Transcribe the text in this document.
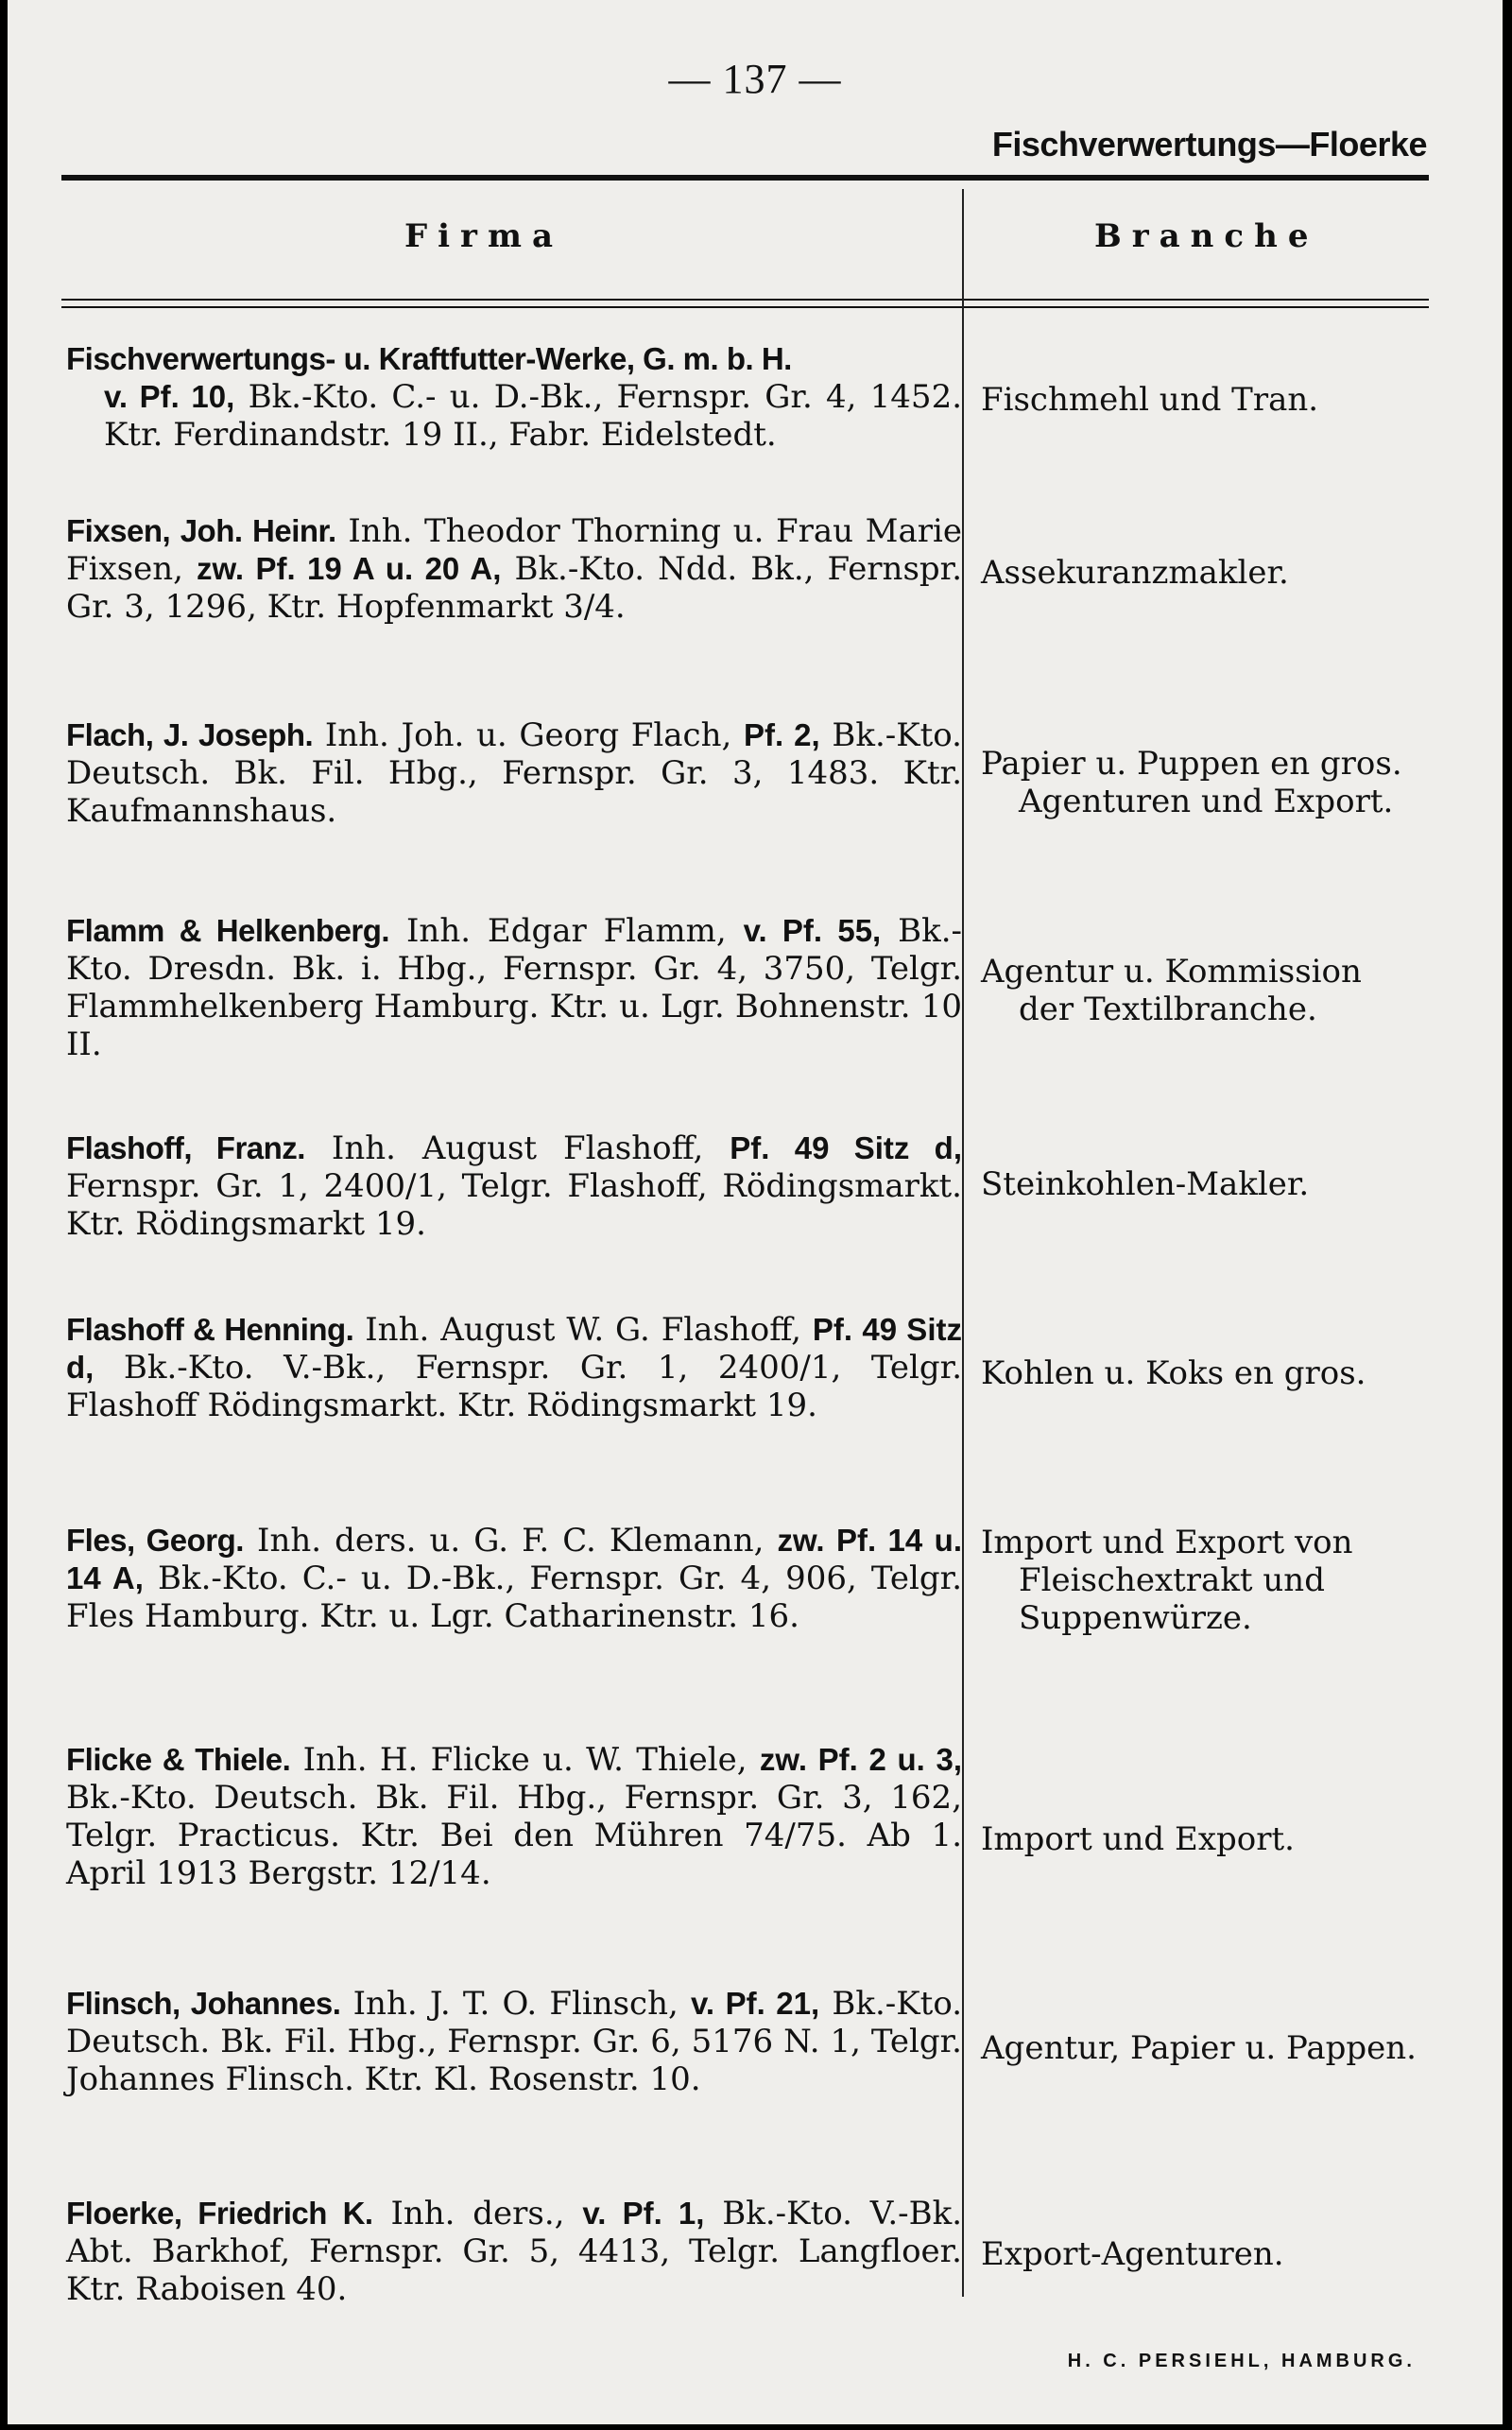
— 137 —
Fischverwertungs—Floerke
Firma	Branche
Fischverwertungs- u. Kraftfutter-Werke, G. m. b. H.
v. Pf. 10, Bk.-Kto. C.- u. D.-Bk., Fernspr. Gr. 4, 1452. Ktr. Ferdinandstr. 19 II., Fabr. Eidelstedt.
Fischmehl und Tran.
Fixsen, Joh. Heinr. Inh. Theodor Thorning u. Frau Marie Fixsen, zw. Pf. 19 A u. 20 A, Bk.-Kto. Ndd. Bk., Fernspr. Gr. 3, 1296, Ktr. Hopfenmarkt 3/4.
Assekuranzmakler.
Flach, J. Joseph. Inh. Joh. u. Georg Flach, Pf. 2, Bk.-Kto. Deutsch. Bk. Fil. Hbg., Fernspr. Gr. 3, 1483. Ktr. Kaufmannshaus.
Papier u. Puppen en gros.
Agenturen und Export.
Flamm & Helkenberg. Inh. Edgar Flamm, v. Pf. 55, Bk.-Kto. Dresdn. Bk. i. Hbg., Fernspr. Gr. 4, 3750, Telgr. Flammhelkenberg Hamburg. Ktr. u. Lgr. Bohnenstr. 10 II.
Agentur u. Kommission
der Textilbranche.
Flashoff, Franz. Inh. August Flashoff, Pf. 49 Sitz d, Fernspr. Gr. 1, 2400/1, Telgr. Flashoff, Rödingsmarkt. Ktr. Rödingsmarkt 19.
Steinkohlen-Makler.
Flashoff & Henning. Inh. August W. G. Flashoff, Pf. 49 Sitz d, Bk.-Kto. V.-Bk., Fernspr. Gr. 1, 2400/1, Telgr. Flashoff Rödingsmarkt. Ktr. Rödingsmarkt 19.
Kohlen u. Koks en gros.
Fles, Georg. Inh. ders. u. G. F. C. Klemann, zw. Pf. 14 u. 14 A, Bk.-Kto. C.- u. D.-Bk., Fernspr. Gr. 4, 906, Telgr. Fles Hamburg. Ktr. u. Lgr. Catharinenstr. 16.
Import und Export von
Fleischextrakt und
Suppenwürze.
Flicke & Thiele. Inh. H. Flicke u. W. Thiele, zw. Pf. 2 u. 3, Bk.-Kto. Deutsch. Bk. Fil. Hbg., Fernspr. Gr. 3, 162, Telgr. Practicus. Ktr. Bei den Mühren 74/75. Ab 1. April 1913 Bergstr. 12/14.
Import und Export.
Flinsch, Johannes. Inh. J. T. O. Flinsch, v. Pf. 21, Bk.-Kto. Deutsch. Bk. Fil. Hbg., Fernspr. Gr. 6, 5176 N. 1, Telgr. Johannes Flinsch. Ktr. Kl. Rosenstr. 10.
Agentur, Papier u. Pappen.
Floerke, Friedrich K. Inh. ders., v. Pf. 1, Bk.-Kto. V.-Bk. Abt. Barkhof, Fernspr. Gr. 5, 4413, Telgr. Langfloer. Ktr. Raboisen 40.
Export-Agenturen.
H. C. PERSIEHL, HAMBURG.
